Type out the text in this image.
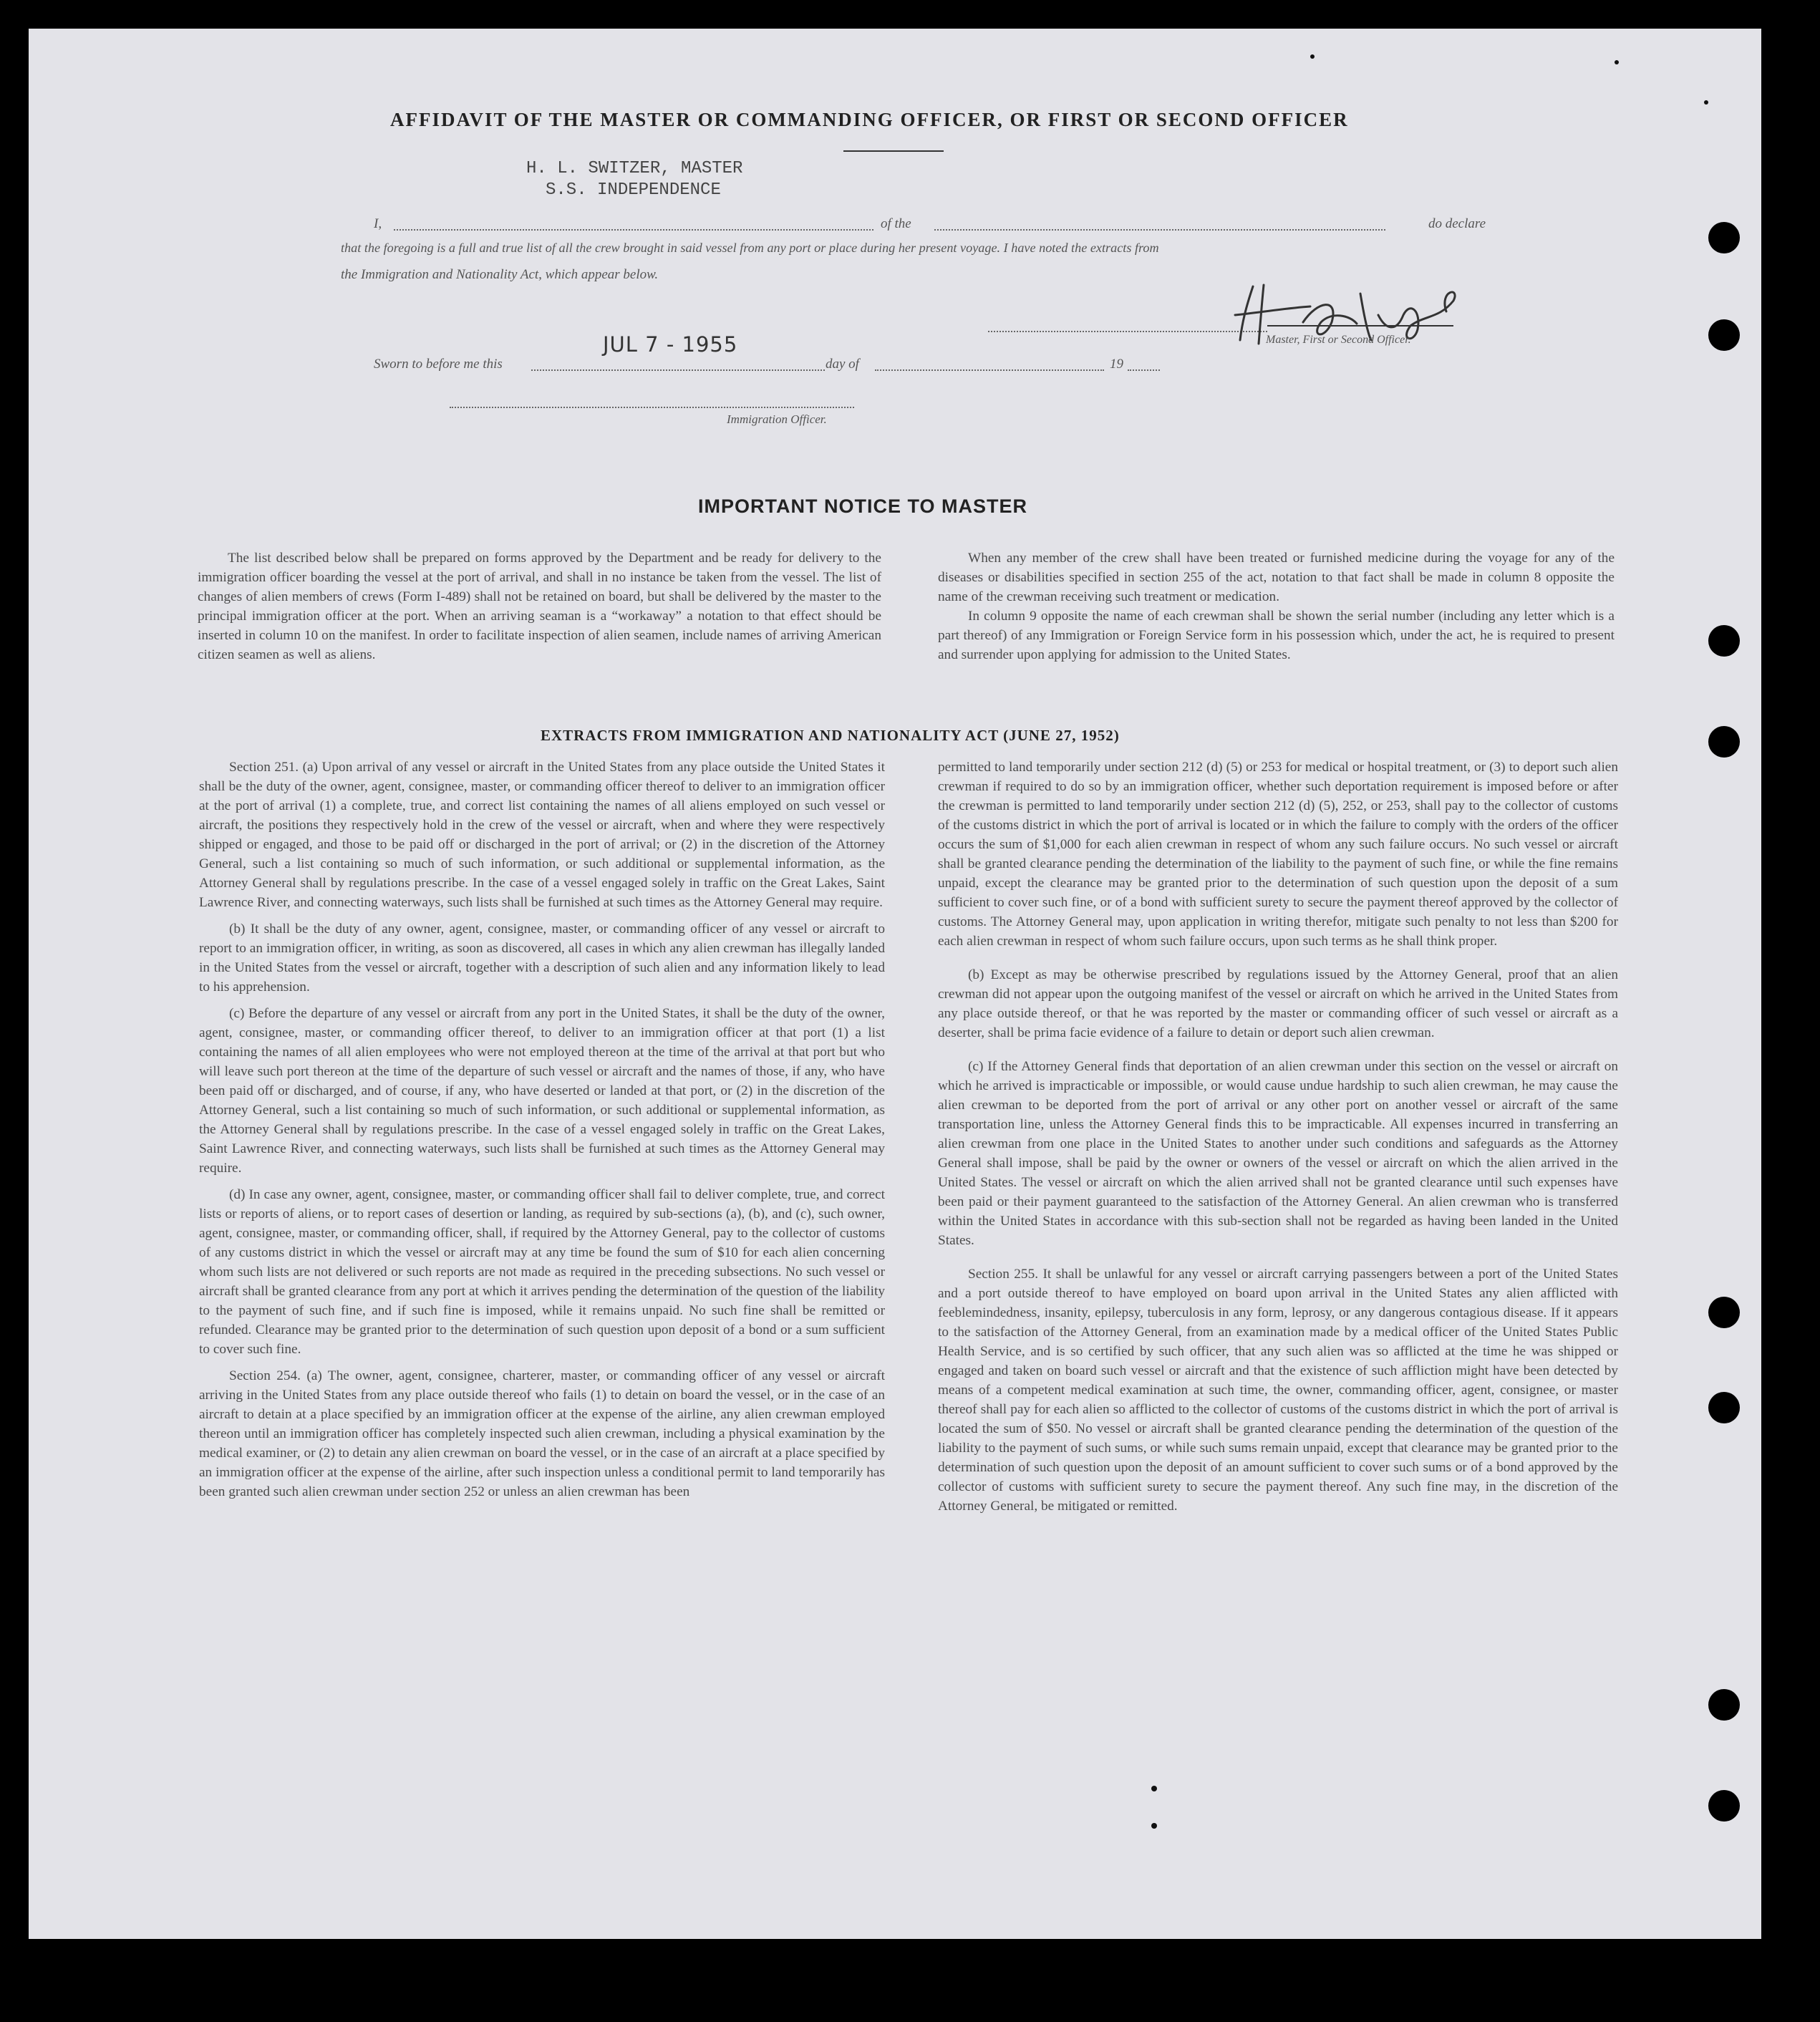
AFFIDAVIT OF THE MASTER OR COMMANDING OFFICER, OR FIRST OR SECOND OFFICER
H. L. SWITZER, MASTER
S.S. INDEPENDENCE
I,	of the	do declare
that the foregoing is a full and true list of all the crew brought in said vessel from any port or place during her present voyage. I have noted the extracts from
the Immigration and Nationality Act, which appear below.
Master, First or Second Officer.
JUL 7 - 1955
Sworn to before me this	day of	19
Immigration Officer.
IMPORTANT NOTICE TO MASTER

The list described below shall be prepared on forms approved by the Department and be ready for delivery to the immigration officer boarding the vessel at the port of arrival, and shall in no instance be taken from the vessel. The list of changes of alien members of crews (Form I-489) shall not be retained on board, but shall be delivered by the master to the principal immigration officer at the port. When an arriving seaman is a “workaway” a notation to that effect should be inserted in column 10 on the manifest. In order to facilitate inspection of alien seamen, include names of arriving American citizen seamen as well as aliens.

When any member of the crew shall have been treated or furnished medicine during the voyage for any of the diseases or disabilities specified in section 255 of the act, notation to that fact shall be made in column 8 opposite the name of the crewman receiving such treatment or medication.

In column 9 opposite the name of each crewman shall be shown the serial number (including any letter which is a part thereof) of any Immigration or Foreign Service form in his possession which, under the act, he is required to present and surrender upon applying for admission to the United States.

EXTRACTS FROM IMMIGRATION AND NATIONALITY ACT (JUNE 27, 1952)

Section 251. (a) Upon arrival of any vessel or aircraft in the United States from any place outside the United States it shall be the duty of the owner, agent, consignee, master, or commanding officer thereof to deliver to an immigration officer at the port of arrival (1) a complete, true, and correct list containing the names of all aliens employed on such vessel or aircraft, the positions they respectively hold in the crew of the vessel or aircraft, when and where they were respectively shipped or engaged, and those to be paid off or discharged in the port of arrival; or (2) in the discretion of the Attorney General, such a list containing so much of such information, or such additional or supplemental information, as the Attorney General shall by regulations prescribe. In the case of a vessel engaged solely in traffic on the Great Lakes, Saint Lawrence River, and connecting waterways, such lists shall be furnished at such times as the Attorney General may require.

(b) It shall be the duty of any owner, agent, consignee, master, or commanding officer of any vessel or aircraft to report to an immigration officer, in writing, as soon as discovered, all cases in which any alien crewman has illegally landed in the United States from the vessel or aircraft, together with a description of such alien and any information likely to lead to his apprehension.

(c) Before the departure of any vessel or aircraft from any port in the United States, it shall be the duty of the owner, agent, consignee, master, or commanding officer thereof, to deliver to an immigration officer at that port (1) a list containing the names of all alien employees who were not employed thereon at the time of the arrival at that port but who will leave such port thereon at the time of the departure of such vessel or aircraft and the names of those, if any, who have been paid off or discharged, and of course, if any, who have deserted or landed at that port, or (2) in the discretion of the Attorney General, such a list containing so much of such information, or such additional or supplemental information, as the Attorney General shall by regulations prescribe. In the case of a vessel engaged solely in traffic on the Great Lakes, Saint Lawrence River, and connecting waterways, such lists shall be furnished at such times as the Attorney General may require.

(d) In case any owner, agent, consignee, master, or commanding officer shall fail to deliver complete, true, and correct lists or reports of aliens, or to report cases of desertion or landing, as required by sub-sections (a), (b), and (c), such owner, agent, consignee, master, or commanding officer, shall, if required by the Attorney General, pay to the collector of customs of any customs district in which the vessel or aircraft may at any time be found the sum of $10 for each alien concerning whom such lists are not delivered or such reports are not made as required in the preceding subsections. No such vessel or aircraft shall be granted clearance from any port at which it arrives pending the determination of the question of the liability to the payment of such fine, and if such fine is imposed, while it remains unpaid. No such fine shall be remitted or refunded. Clearance may be granted prior to the determination of such question upon deposit of a bond or a sum sufficient to cover such fine.

Section 254. (a) The owner, agent, consignee, charterer, master, or commanding officer of any vessel or aircraft arriving in the United States from any place outside thereof who fails (1) to detain on board the vessel, or in the case of an aircraft to detain at a place specified by an immigration officer at the expense of the airline, any alien crewman employed thereon until an immigration officer has completely inspected such alien crewman, including a physical examination by the medical examiner, or (2) to detain any alien crewman on board the vessel, or in the case of an aircraft at a place specified by an immigration officer at the expense of the airline, after such inspection unless a conditional permit to land temporarily has been granted such alien crewman under section 252 or unless an alien crewman has been

permitted to land temporarily under section 212 (d) (5) or 253 for medical or hospital treatment, or (3) to deport such alien crewman if required to do so by an immigration officer, whether such deportation requirement is imposed before or after the crewman is permitted to land temporarily under section 212 (d) (5), 252, or 253, shall pay to the collector of customs of the customs district in which the port of arrival is located or in which the failure to comply with the orders of the officer occurs the sum of $1,000 for each alien crewman in respect of whom any such failure occurs. No such vessel or aircraft shall be granted clearance pending the determination of the liability to the payment of such fine, or while the fine remains unpaid, except the clearance may be granted prior to the determination of such question upon the deposit of a sum sufficient to cover such fine, or of a bond with sufficient surety to secure the payment thereof approved by the collector of customs. The Attorney General may, upon application in writing therefor, mitigate such penalty to not less than $200 for each alien crewman in respect of whom such failure occurs, upon such terms as he shall think proper.

(b) Except as may be otherwise prescribed by regulations issued by the Attorney General, proof that an alien crewman did not appear upon the outgoing manifest of the vessel or aircraft on which he arrived in the United States from any place outside thereof, or that he was reported by the master or commanding officer of such vessel or aircraft as a deserter, shall be prima facie evidence of a failure to detain or deport such alien crewman.

(c) If the Attorney General finds that deportation of an alien crewman under this section on the vessel or aircraft on which he arrived is impracticable or impossible, or would cause undue hardship to such alien crewman, he may cause the alien crewman to be deported from the port of arrival or any other port on another vessel or aircraft of the same transportation line, unless the Attorney General finds this to be impracticable. All expenses incurred in transferring an alien crewman from one place in the United States to another under such conditions and safeguards as the Attorney General shall impose, shall be paid by the owner or owners of the vessel or aircraft on which the alien arrived in the United States. The vessel or aircraft on which the alien arrived shall not be granted clearance until such expenses have been paid or their payment guaranteed to the satisfaction of the Attorney General. An alien crewman who is transferred within the United States in accordance with this sub-section shall not be regarded as having been landed in the United States.

Section 255. It shall be unlawful for any vessel or aircraft carrying passengers between a port of the United States and a port outside thereof to have employed on board upon arrival in the United States any alien afflicted with feeblemindedness, insanity, epilepsy, tuberculosis in any form, leprosy, or any dangerous contagious disease. If it appears to the satisfaction of the Attorney General, from an examination made by a medical officer of the United States Public Health Service, and is so certified by such officer, that any such alien was so afflicted at the time he was shipped or engaged and taken on board such vessel or aircraft and that the existence of such affliction might have been detected by means of a competent medical examination at such time, the owner, commanding officer, agent, consignee, or master thereof shall pay for each alien so afflicted to the collector of customs of the customs district in which the port of arrival is located the sum of $50. No vessel or aircraft shall be granted clearance pending the determination of the question of the liability to the payment of such sums, or while such sums remain unpaid, except that clearance may be granted prior to the determination of such question upon the deposit of an amount sufficient to cover such sums or of a bond approved by the collector of customs with sufficient surety to secure the payment thereof. Any such fine may, in the discretion of the Attorney General, be mitigated or remitted.
